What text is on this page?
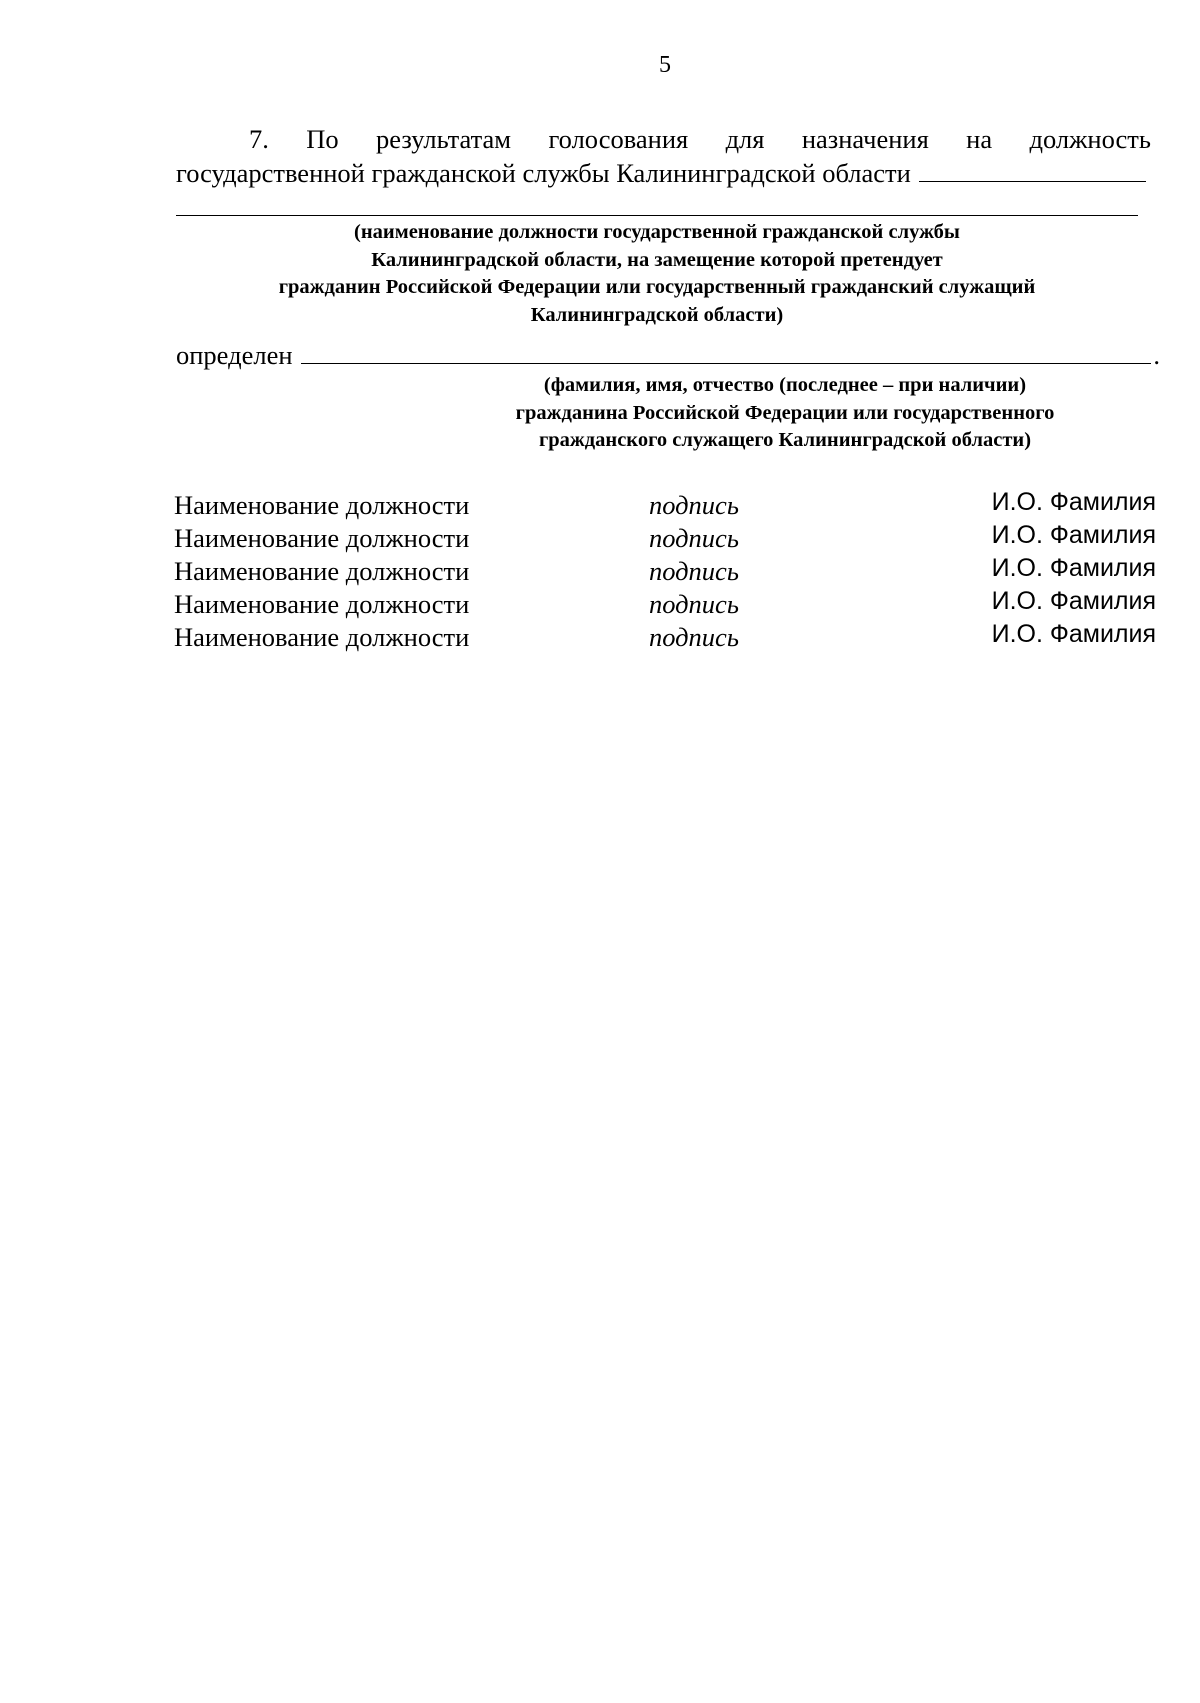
5
7. По результатам голосования для назначения на должность
государственной гражданской службы Калининградской области
(наименование должности государственной гражданской службы
Калининградской области, на замещение которой претендует
гражданин Российской Федерации или государственный гражданский служащий
Калининградской области)
определен	.
(фамилия, имя, отчество (последнее – при наличии)
гражданина Российской Федерации или государственного
гражданского служащего Калининградской области)
Наименование должности	подпись	И.О. Фамилия
Наименование должности	подпись	И.О. Фамилия
Наименование должности	подпись	И.О. Фамилия
Наименование должности	подпись	И.О. Фамилия
Наименование должности	подпись	И.О. Фамилия
